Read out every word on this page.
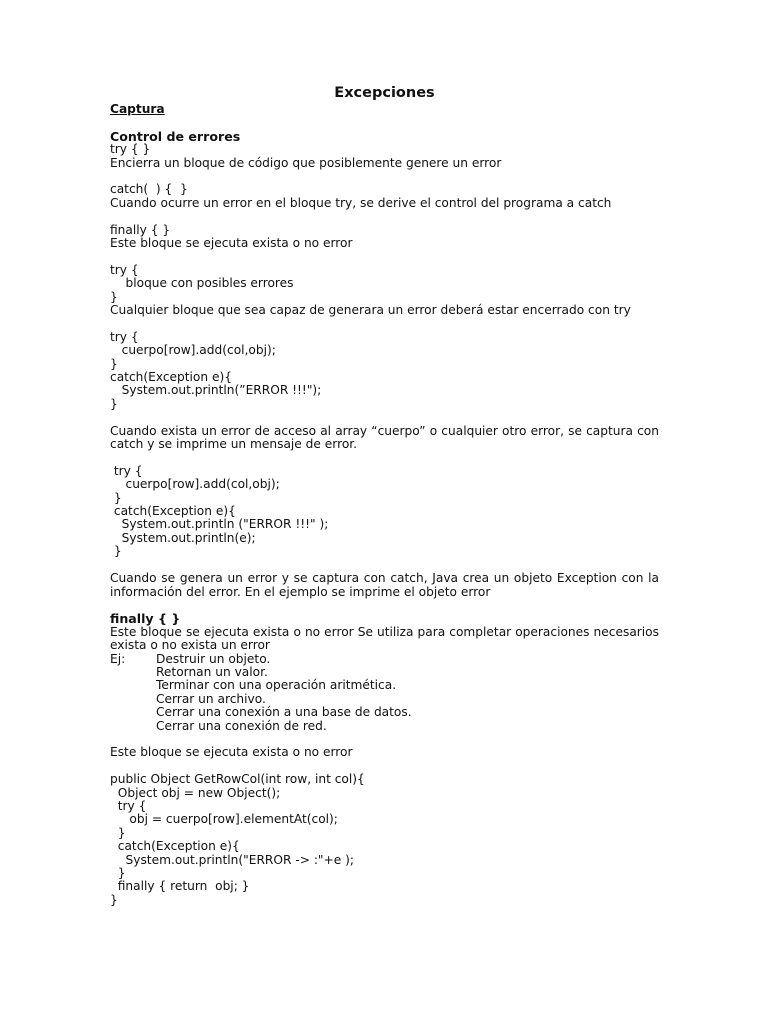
Excepciones

Captura

Control de errores

try { }

Encierra un bloque de código que posiblemente genere un error

catch(  ) {  }

Cuando ocurre un error en el bloque try, se derive el control del programa a catch

finally { }

Este bloque se ejecuta exista o no error

try {

bloque con posibles errores

}

Cualquier bloque que sea capaz de generara un error deberá estar encerrado con try

try {

cuerpo[row].add(col,obj);

}

catch(Exception e){

System.out.println(”ERROR !!!");

}

Cuando exista un error de acceso al array “cuerpo” o cualquier otro error, se captura con catch y se imprime un mensaje de error.

try {

cuerpo[row].add(col,obj);

}

catch(Exception e){

System.out.println ("ERROR !!!" );

System.out.println(e);

}

Cuando se genera un error y se captura con catch, Java crea un objeto Exception con la información del error. En el ejemplo se imprime el objeto error

finally { }

Este bloque se ejecuta exista o no error Se utiliza para completar operaciones necesarios exista o no exista un error

Ej:	Destruir un objeto.

Retornan un valor.

Terminar con una operación aritmética.

Cerrar un archivo.

Cerrar una conexión a una base de datos.

Cerrar una conexión de red.

Este bloque se ejecuta exista o no error

public Object GetRowCol(int row, int col){

Object obj = new Object();

try {

obj = cuerpo[row].elementAt(col);

}

catch(Exception e){

System.out.println("ERROR -> :"+e );

}

finally { return  obj; }

}
